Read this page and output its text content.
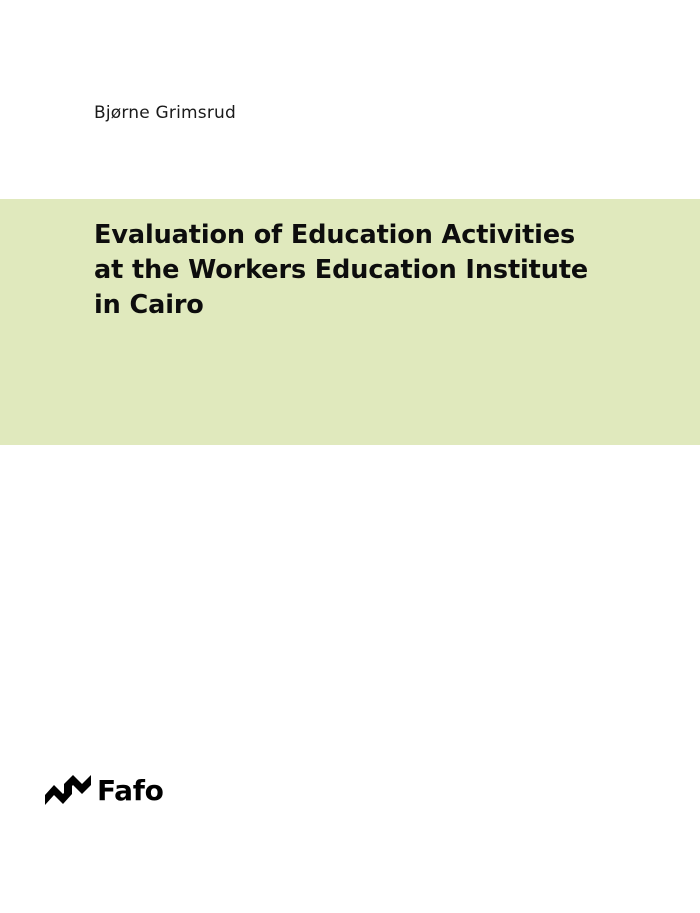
Bjørne Grimsrud
Evaluation of Education Activities
at the Workers Education Institute
in Cairo
Fafo
